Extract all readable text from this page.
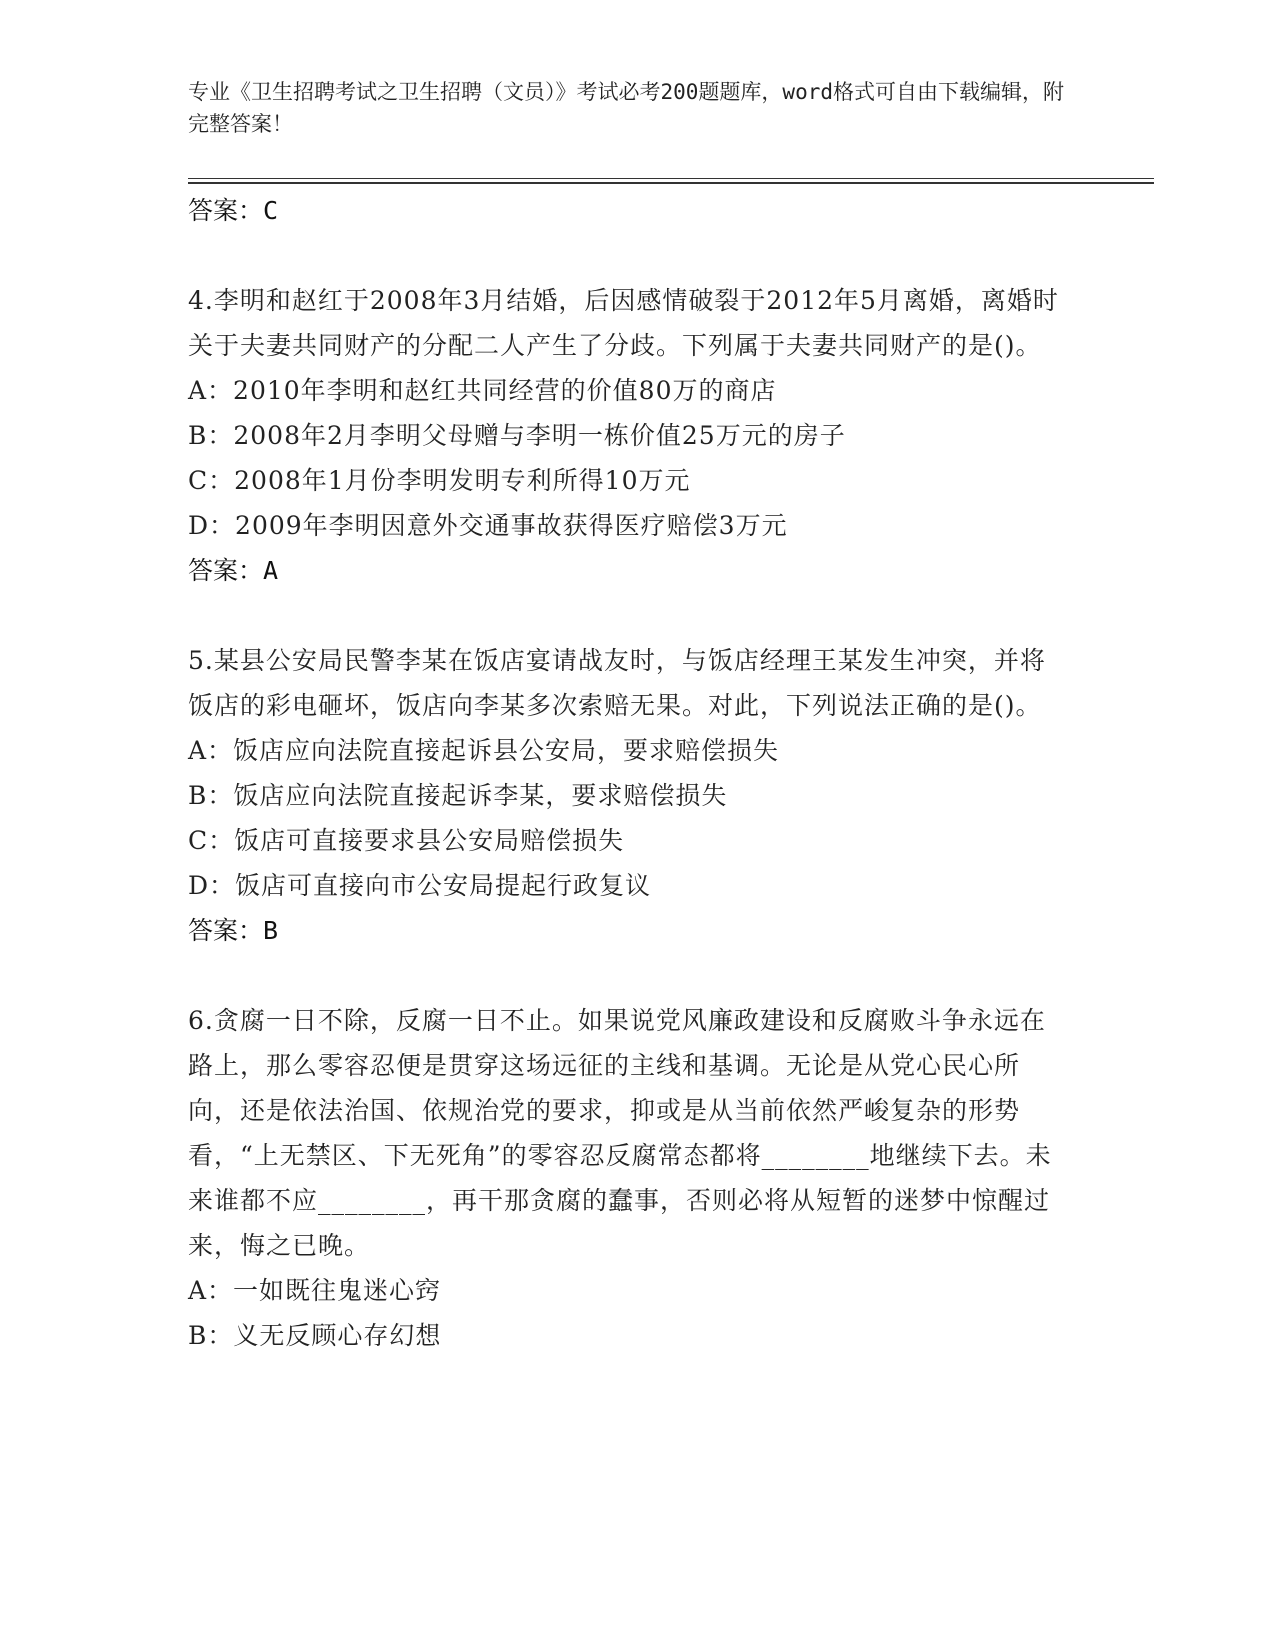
专业《卫生招聘考试之卫生招聘（文员）》考试必考200题题库，word格式可自由下载编辑，附完整答案！
答案：C
4.李明和赵红于2008年3月结婚，后因感情破裂于2012年5月离婚，离婚时关于夫妻共同财产的分配二人产生了分歧。下列属于夫妻共同财产的是()。
A：2010年李明和赵红共同经营的价值80万的商店
B：2008年2月李明父母赠与李明一栋价值25万元的房子
C：2008年1月份李明发明专利所得10万元
D：2009年李明因意外交通事故获得医疗赔偿3万元
答案：A
5.某县公安局民警李某在饭店宴请战友时，与饭店经理王某发生冲突，并将饭店的彩电砸坏，饭店向李某多次索赔无果。对此，下列说法正确的是()。
A：饭店应向法院直接起诉县公安局，要求赔偿损失
B：饭店应向法院直接起诉李某，要求赔偿损失
C：饭店可直接要求县公安局赔偿损失
D：饭店可直接向市公安局提起行政复议
答案：B
6.贪腐一日不除，反腐一日不止。如果说党风廉政建设和反腐败斗争永远在路上，那么零容忍便是贯穿这场远征的主线和基调。无论是从党心民心所向，还是依法治国、依规治党的要求，抑或是从当前依然严峻复杂的形势看，“上无禁区、下无死角”的零容忍反腐常态都将________地继续下去。未来谁都不应________，再干那贪腐的蠢事，否则必将从短暂的迷梦中惊醒过来，悔之已晚。
A：一如既往鬼迷心窍
B：义无反顾心存幻想
